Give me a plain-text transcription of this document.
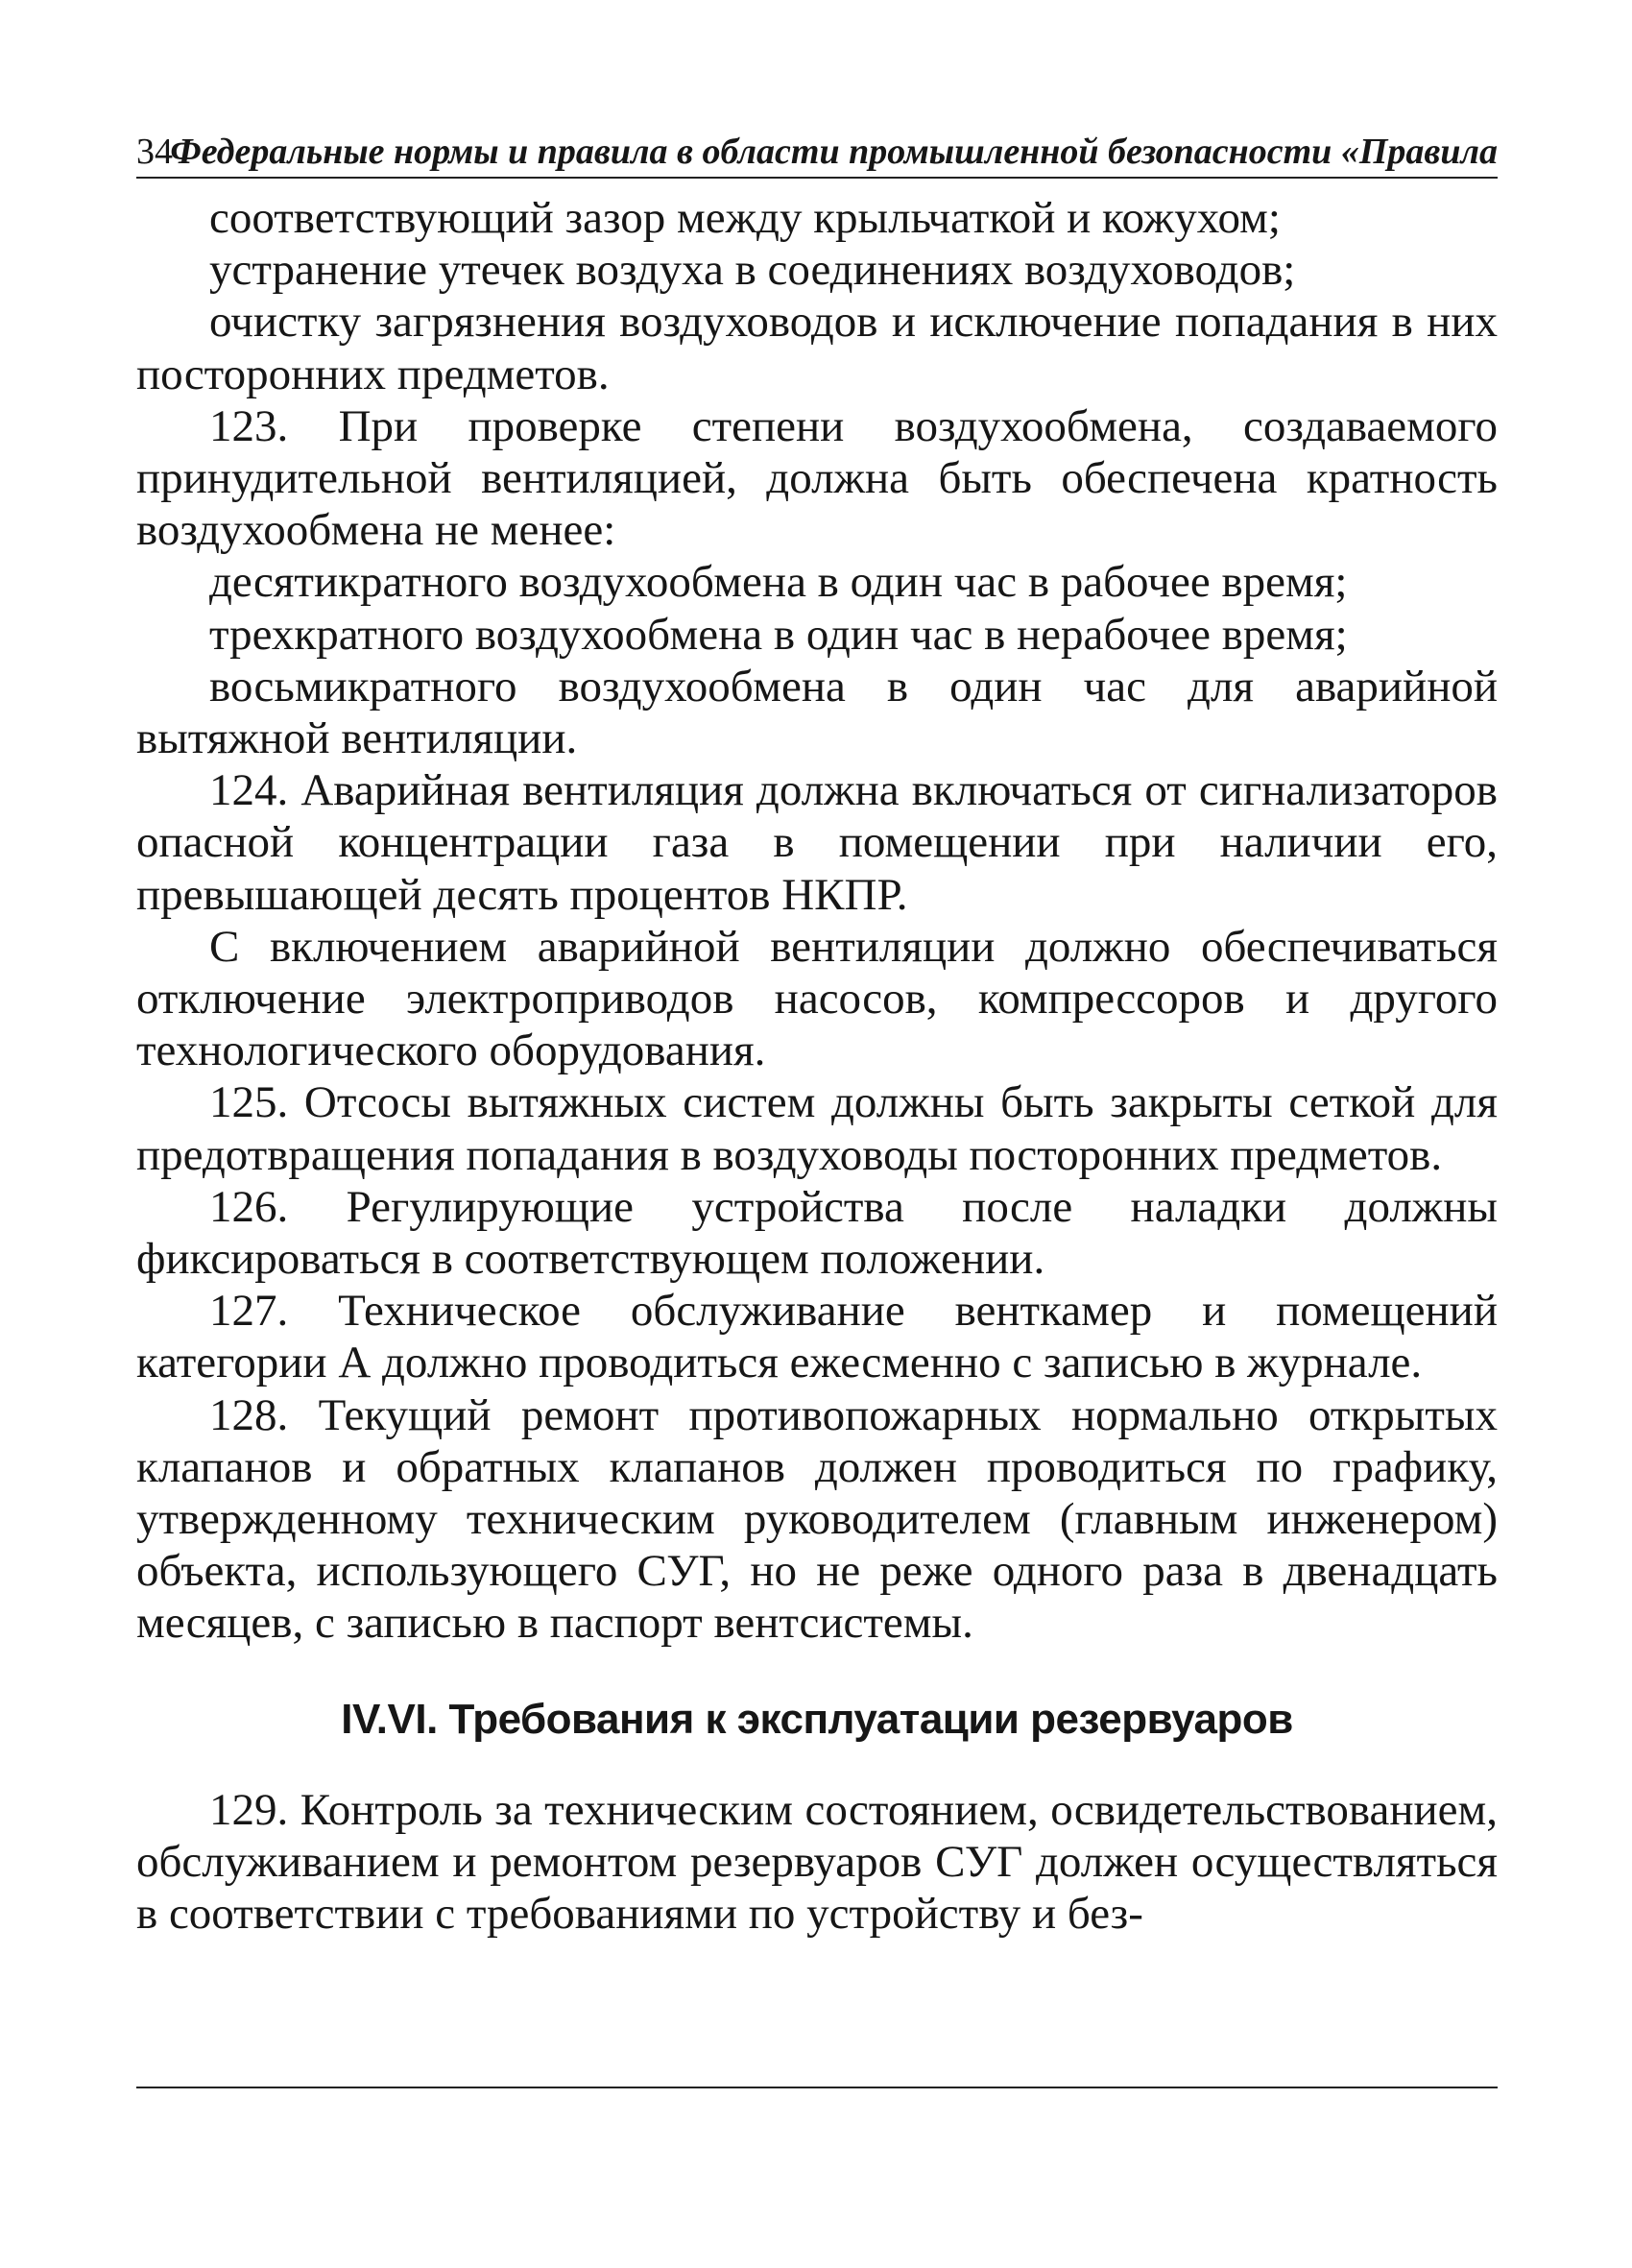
34
Федеральные нормы и правила в области промышленной безопасности «Правила

соответствующий зазор между крыльчаткой и кожухом;

устранение утечек воздуха в соединениях воздуховодов;

очистку загрязнения воздуховодов и исключение попадания в них посторонних предметов.

123. При проверке степени воздухообмена, создаваемого принудительной вентиляцией, должна быть обеспечена кратность воздухообмена не менее:

десятикратного воздухообмена в один час в рабочее время;

трехкратного воздухообмена в один час в нерабочее время;

восьмикратного воздухообмена в один час для аварийной вытяжной вентиляции.

124. Аварийная вентиляция должна включаться от сигнализаторов опасной концентрации газа в помещении при наличии его, превышающей десять процентов НКПР.

С включением аварийной вентиляции должно обеспечиваться отключение электроприводов насосов, компрессоров и другого технологического оборудования.

125. Отсосы вытяжных систем должны быть закрыты сеткой для предотвращения попадания в воздуховоды посторонних предметов.

126. Регулирующие устройства после наладки должны фиксироваться в соответствующем положении.

127. Техническое обслуживание венткамер и помещений категории А должно проводиться ежесменно с записью в журнале.

128. Текущий ремонт противопожарных нормально открытых клапанов и обратных клапанов должен проводиться по графику, утвержденному техническим руководителем (главным инженером) объекта, использующего СУГ, но не реже одного раза в двенадцать месяцев, с записью в паспорт вентсистемы.

IV.VI. Требования к эксплуатации резервуаров

129. Контроль за техническим состоянием, освидетельствованием, обслуживанием и ремонтом резервуаров СУГ должен осуществляться в соответствии с требованиями по устройству и без-
